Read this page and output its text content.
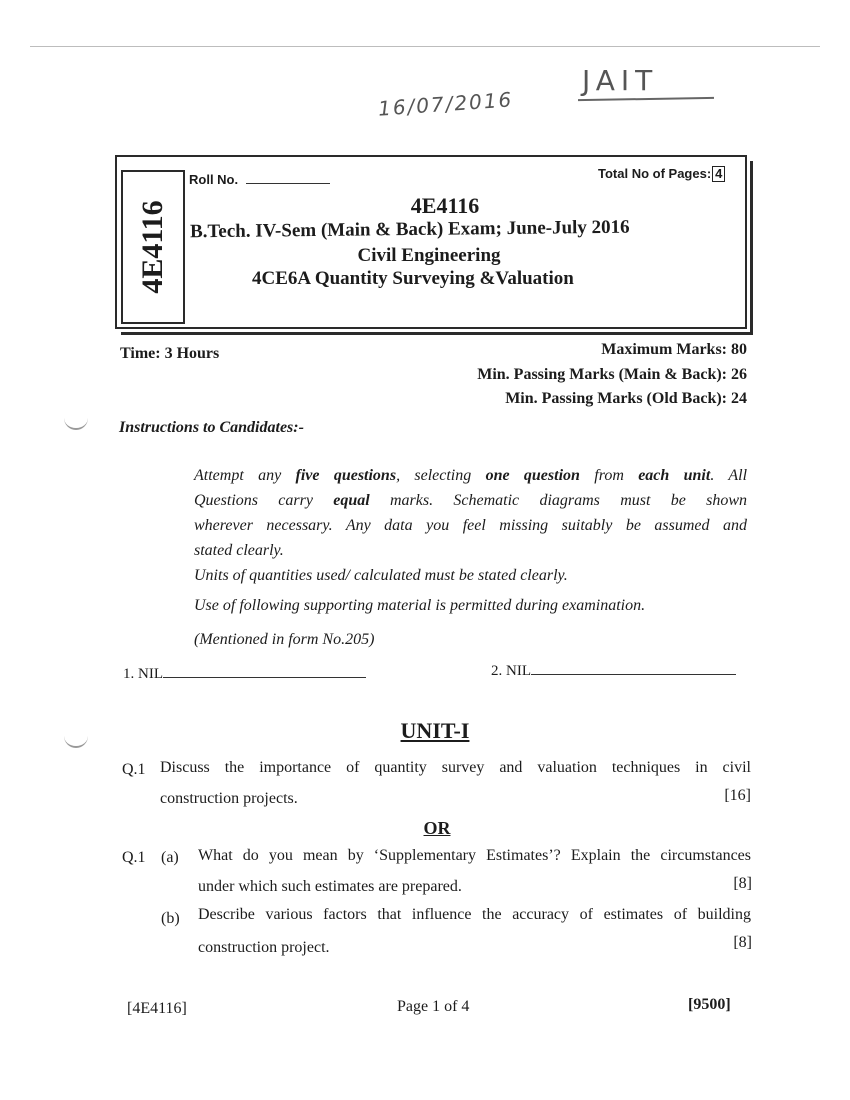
16/07/2016
JAIT
4E4116
Roll No.	Total No of Pages: 4
4E4116
B.Tech. IV-Sem (Main & Back) Exam; June-July 2016
Civil Engineering
4CE6A Quantity Surveying &Valuation
Time: 3 Hours	Maximum Marks: 80
Min. Passing Marks (Main & Back): 26
Min. Passing Marks (Old Back): 24
Instructions to Candidates:-
Attempt any five questions, selecting one question from each unit. All
Questions carry equal marks. Schematic diagrams must be shown
wherever necessary. Any data you feel missing suitably be assumed and
stated clearly.
Units of quantities used/ calculated must be stated clearly.
Use of following supporting material is permitted during examination.
(Mentioned in form No.205)
1. NIL	2. NIL
UNIT-I
Q.1 Discuss the importance of quantity survey and valuation techniques in civil
construction projects.	[16]
OR
Q.1 (a) What do you mean by ‘Supplementary Estimates’? Explain the circumstances
under which such estimates are prepared.	[8]
(b) Describe various factors that influence the accuracy of estimates of building
construction project.	[8]
[4E4116]	Page 1 of 4	[9500]
